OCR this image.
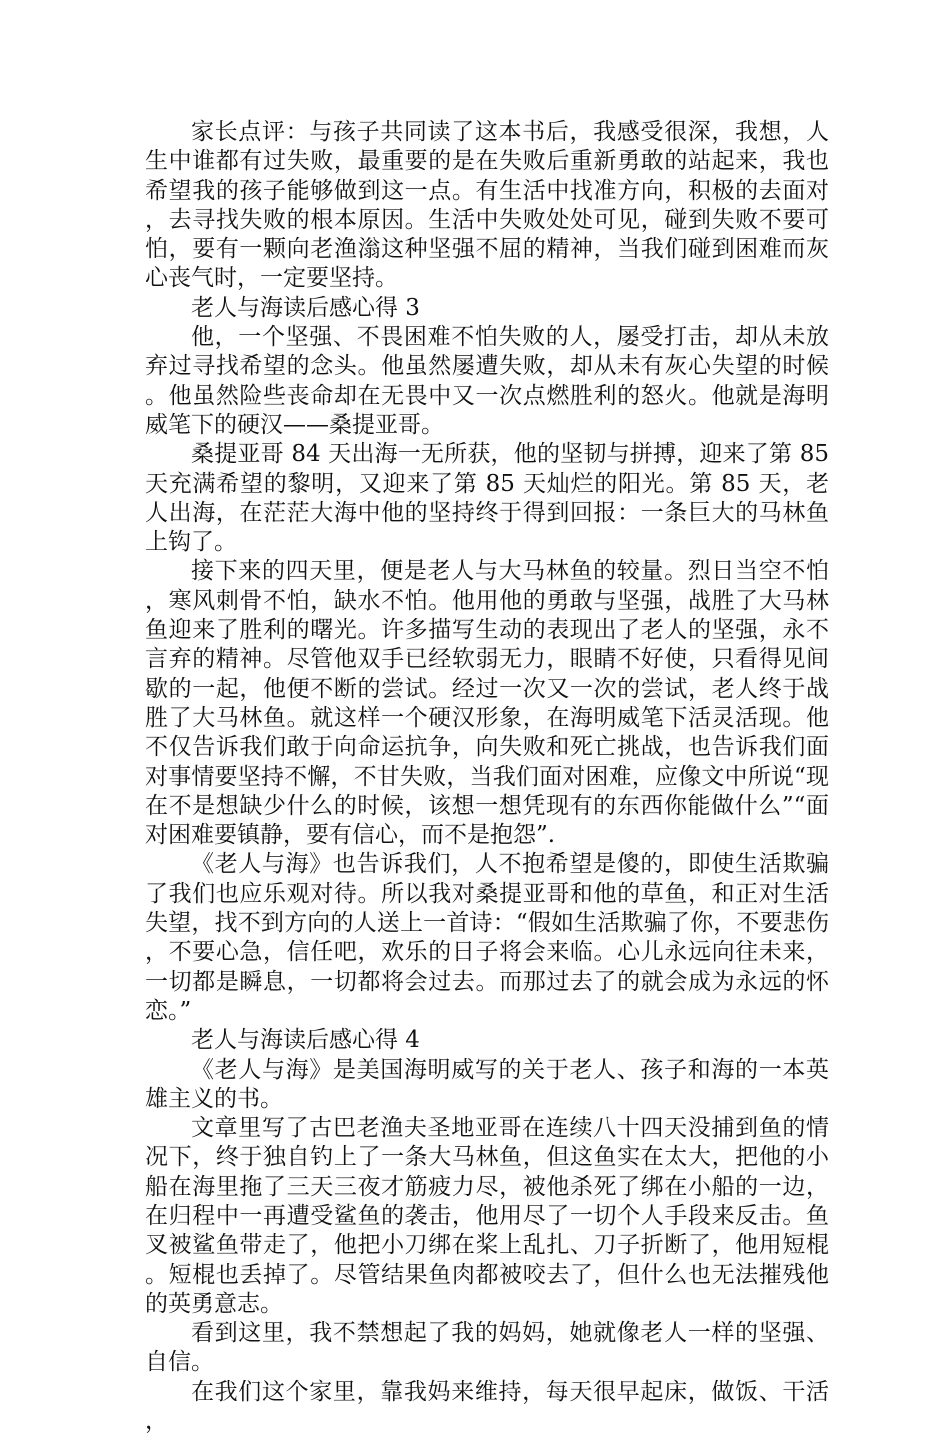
家长点评：与孩子共同读了这本书后，我感受很深，我想，人生中谁都有过失败，最重要的是在失败后重新勇敢的站起来，我也希望我的孩子能够做到这一点。有生活中找准方向，积极的去面对，去寻找失败的根本原因。生活中失败处处可见，碰到失败不要可怕，要有一颗向老渔滃这种坚强不屈的精神，当我们碰到困难而灰心丧气时，一定要坚持。

老人与海读后感心得 3

他，一个坚强、不畏困难不怕失败的人，屡受打击，却从未放弃过寻找希望的念头。他虽然屡遭失败，却从未有灰心失望的时候。他虽然险些丧命却在无畏中又一次点燃胜利的怒火。他就是海明威笔下的硬汉——桑提亚哥。

桑提亚哥 84 天出海一无所获，他的坚韧与拼搏，迎来了第 85 天充满希望的黎明，又迎来了第 85 天灿烂的阳光。第 85 天，老人出海，在茫茫大海中他的坚持终于得到回报：一条巨大的马林鱼上钩了。

接下来的四天里，便是老人与大马林鱼的较量。烈日当空不怕，寒风刺骨不怕，缺水不怕。他用他的勇敢与坚强，战胜了大马林鱼迎来了胜利的曙光。许多描写生动的表现出了老人的坚强，永不言弃的精神。尽管他双手已经软弱无力，眼睛不好使，只看得见间歇的一起，他便不断的尝试。经过一次又一次的尝试，老人终于战胜了大马林鱼。就这样一个硬汉形象，在海明威笔下活灵活现。他不仅告诉我们敢于向命运抗争，向失败和死亡挑战，也告诉我们面对事情要坚持不懈，不甘失败，当我们面对困难，应像文中所说“现在不是想缺少什么的时候，该想一想凭现有的东西你能做什么”“面对困难要镇静，要有信心，而不是抱怨”.

《老人与海》也告诉我们，人不抱希望是傻的，即使生活欺骗了我们也应乐观对待。所以我对桑提亚哥和他的草鱼，和正对生活失望，找不到方向的人送上一首诗：“假如生活欺骗了你，不要悲伤，不要心急，信任吧，欢乐的日子将会来临。心儿永远向往未来，一切都是瞬息，一切都将会过去。而那过去了的就会成为永远的怀恋。”

老人与海读后感心得 4

《老人与海》是美国海明威写的关于老人、孩子和海的一本英雄主义的书。

文章里写了古巴老渔夫圣地亚哥在连续八十四天没捕到鱼的情况下，终于独自钓上了一条大马林鱼，但这鱼实在太大，把他的小船在海里拖了三天三夜才筋疲力尽，被他杀死了绑在小船的一边，在归程中一再遭受鲨鱼的袭击，他用尽了一切个人手段来反击。鱼叉被鲨鱼带走了，他把小刀绑在桨上乱扎、刀子折断了，他用短棍。短棍也丢掉了。尽管结果鱼肉都被咬去了，但什么也无法摧残他的英勇意志。

看到这里，我不禁想起了我的妈妈，她就像老人一样的坚强、自信。

在我们这个家里，靠我妈来维持，每天很早起床，做饭、干活，
